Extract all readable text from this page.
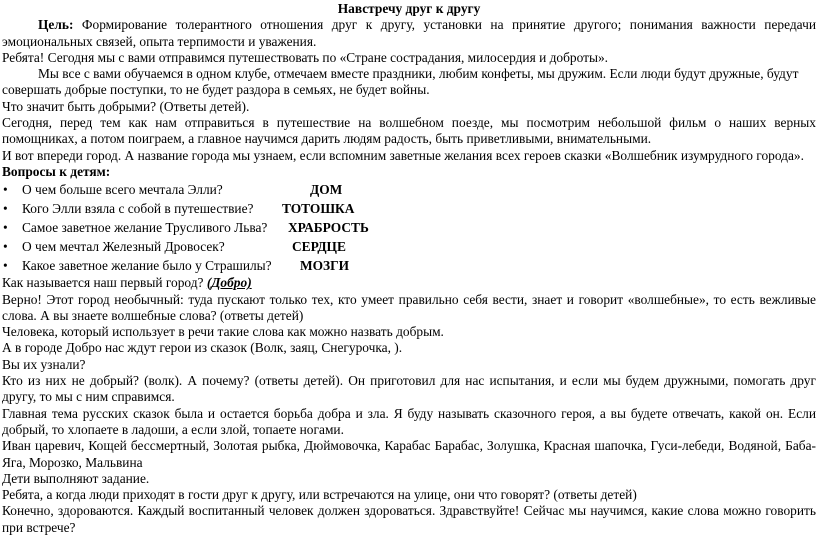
Навстречу друг к другу

Цель: Формирование толерантного отношения друг к другу, установки на принятие другого; понимания важности передачи эмоциональных связей, опыта терпимости и уважения.

Ребята! Сегодня мы с вами отправимся путешествовать по «Стране сострадания, милосердия и доброты».

Мы все с вами обучаемся в одном клубе, отмечаем вместе праздники, любим конфеты, мы дружим. Если люди будут дружные, будут совершать добрые поступки, то не будет раздора в семьях, не будет войны.

Что значит быть добрыми? (Ответы детей).

Сегодня, перед тем как нам отправиться в путешествие на волшебном поезде, мы посмотрим небольшой фильм о наших верных помощниках, а потом поиграем, а главное научимся дарить людям радость, быть приветливыми, внимательными.

И вот впереди город. А название города мы узнаем, если вспомним заветные желания всех героев сказки «Волшебник изумрудного города».

Вопросы к детям:

• О чем больше всего мечтала Элли?	ДОМ
• Кого Элли взяла с собой в путешествие? ТОТОШКА
• Самое заветное желание Трусливого Льва? ХРАБРОСТЬ
• О чем мечтал Железный Дровосек?	СЕРДЦЕ
• Какое заветное желание было у Страшилы? МОЗГИ

Как называется наш первый город? (Добро)

Верно! Этот город необычный: туда пускают только тех, кто умеет правильно себя вести, знает и говорит «волшебные», то есть вежливые слова. А вы знаете волшебные слова? (ответы детей)

Человека, который использует в речи такие слова как можно назвать добрым.

А в городе Добро нас ждут герои из сказок (Волк, заяц, Снегурочка, ).

Вы их узнали?

Кто из них не добрый? (волк). А почему? (ответы детей). Он приготовил для нас испытания, и если мы будем дружными, помогать друг другу, то мы с ним справимся.

Главная тема русских сказок была и остается борьба добра и зла. Я буду называть сказочного героя, а вы будете отвечать, какой он. Если добрый, то хлопаете в ладоши, а если злой, топаете ногами.

Иван царевич, Кощей бессмертный, Золотая рыбка, Дюймовочка, Карабас Барабас, Золушка, Красная шапочка, Гуси-лебеди, Водяной, Баба-Яга, Морозко, Мальвина

Дети выполняют задание.

Ребята, а когда люди приходят в гости друг к другу, или встречаются на улице, они что говорят? (ответы детей)

Конечно, здороваются. Каждый воспитанный человек должен здороваться. Здравствуйте! Сейчас мы научимся, какие слова можно говорить при встрече?
